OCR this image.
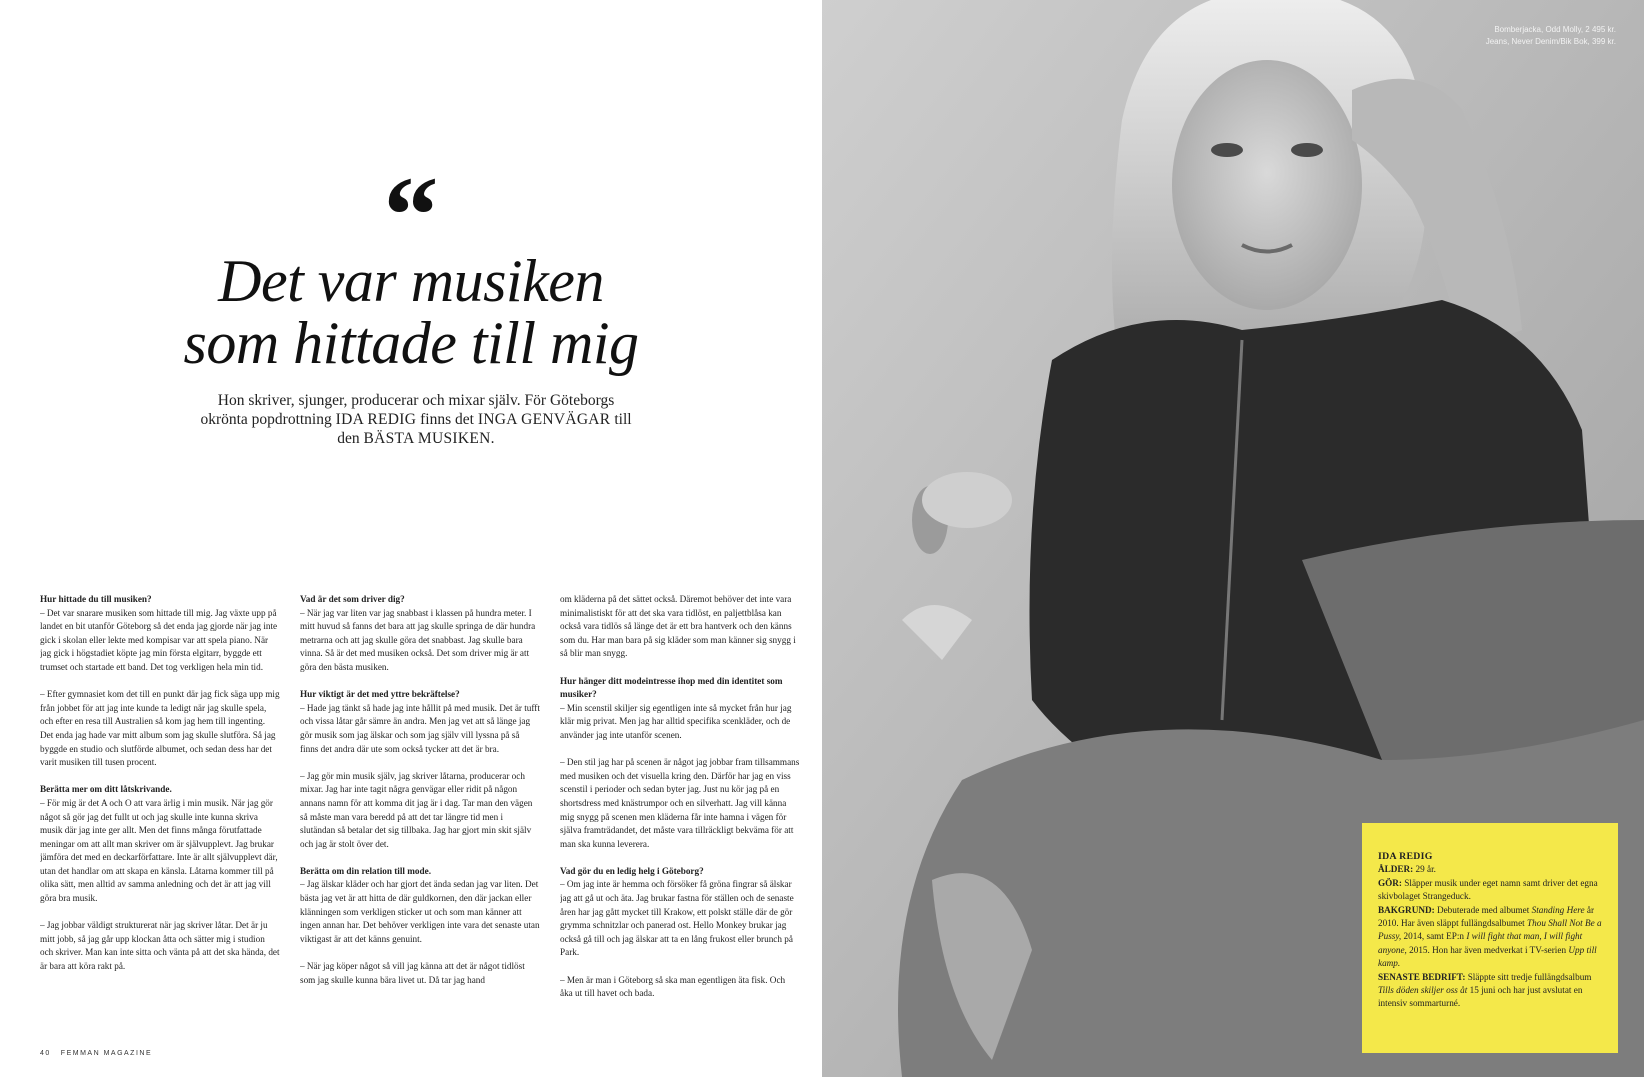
“
Det var musiken
som hittade till mig
Hon skriver, sjunger, producerar och mixar själv. För Göteborgs okrönta popdrottning IDA REDIG finns det INGA GENVÄGAR till den BÄSTA MUSIKEN.

Hur hittade du till musiken?
– Det var snarare musiken som hittade till mig. Jag växte upp på landet en bit utanför Göteborg så det enda jag gjorde när jag inte gick i skolan eller lekte med kompisar var att spela piano. När jag gick i högstadiet köpte jag min första elgitarr, byggde ett trumset och startade ett band. Det tog verkligen hela min tid.

– Efter gymnasiet kom det till en punkt där jag fick säga upp mig från jobbet för att jag inte kunde ta ledigt när jag skulle spela, och efter en resa till Australien så kom jag hem till ingenting. Det enda jag hade var mitt album som jag skulle slutföra. Så jag byggde en studio och slutförde albumet, och sedan dess har det varit musiken till tusen procent.

Berätta mer om ditt låtskrivande.
– För mig är det A och O att vara ärlig i min musik. När jag gör något så gör jag det fullt ut och jag skulle inte kunna skriva musik där jag inte ger allt. Men det finns många förutfattade meningar om att allt man skriver om är självupplevt. Jag brukar jämföra det med en deckarförfattare. Inte är allt självupplevt där, utan det handlar om att skapa en känsla. Låtarna kommer till på olika sätt, men alltid av samma anledning och det är att jag vill göra bra musik.

– Jag jobbar väldigt strukturerat när jag skriver låtar. Det är ju mitt jobb, så jag går upp klockan åtta och sätter mig i studion och skriver. Man kan inte sitta och vänta på att det ska hända, det är bara att köra rakt på.

Vad är det som driver dig?
– När jag var liten var jag snabbast i klassen på hundra meter. I mitt huvud så fanns det bara att jag skulle springa de där hundra metrarna och att jag skulle göra det snabbast. Jag skulle bara vinna. Så är det med musiken också. Det som driver mig är att göra den bästa musiken.

Hur viktigt är det med yttre bekräftelse?
– Hade jag tänkt så hade jag inte hållit på med musik. Det är tufft och vissa låtar går sämre än andra. Men jag vet att så länge jag gör musik som jag älskar och som jag själv vill lyssna på så finns det andra där ute som också tycker att det är bra.

– Jag gör min musik själv, jag skriver låtarna, producerar och mixar. Jag har inte tagit några genvägar eller ridit på någon annans namn för att komma dit jag är i dag. Tar man den vägen så måste man vara beredd på att det tar längre tid men i slutändan så betalar det sig tillbaka. Jag har gjort min skit själv och jag är stolt över det.

Berätta om din relation till mode.
– Jag älskar kläder och har gjort det ända sedan jag var liten. Det bästa jag vet är att hitta de där guldkornen, den där jackan eller klänningen som verkligen sticker ut och som man känner att ingen annan har. Det behöver verkligen inte vara det senaste utan viktigast är att det känns genuint.

– När jag köper något så vill jag känna att det är något tidlöst som jag skulle kunna bära livet ut. Då tar jag hand

om kläderna på det sättet också. Däremot behöver det inte vara minimalistiskt för att det ska vara tidlöst, en paljettblåsa kan också vara tidlös så länge det är ett bra hantverk och den känns som du. Har man bara på sig kläder som man känner sig snygg i så blir man snygg.

Hur hänger ditt modeintresse ihop med din identitet som musiker?
– Min scenstil skiljer sig egentligen inte så mycket från hur jag klär mig privat. Men jag har alltid specifika scenkläder, och de använder jag inte utanför scenen.

– Den stil jag har på scenen är något jag jobbar fram tillsammans med musiken och det visuella kring den. Därför har jag en viss scenstil i perioder och sedan byter jag. Just nu kör jag på en shortsdress med knästrumpor och en silverhatt. Jag vill känna mig snygg på scenen men kläderna får inte hamna i vägen för själva framträdandet, det måste vara tillräckligt bekväma för att man ska kunna leverera.

Vad gör du en ledig helg i Göteborg?
– Om jag inte är hemma och försöker få gröna fingrar så älskar jag att gå ut och äta. Jag brukar fastna för ställen och de senaste åren har jag gått mycket till Krakow, ett polskt ställe där de gör grymma schnitzlar och panerad ost. Hello Monkey brukar jag också gå till och jag älskar att ta en lång frukost eller brunch på Park.

– Men är man i Göteborg så ska man egentligen äta fisk. Och åka ut till havet och bada.

40 FEMMAN MAGAZINE
Bomberjacka, Odd Molly, 2 495 kr.
Jeans, Never Denim/Bik Bok, 399 kr.
IDA REDIG

ÅLDER: 29 år.

GÖR: Släpper musik under eget namn samt driver det egna skivbolaget Strangeduck.

BAKGRUND: Debuterade med albumet Standing Here år 2010. Har även släppt fullängdsalbumet Thou Shall Not Be a Pussy, 2014, samt EP:n I will fight that man, I will fight anyone, 2015. Hon har även medverkat i TV-serien Upp till kamp.

SENASTE BEDRIFT: Släppte sitt tredje fullängdsalbum Tills döden skiljer oss åt 15 juni och har just avslutat en intensiv sommarturné.
